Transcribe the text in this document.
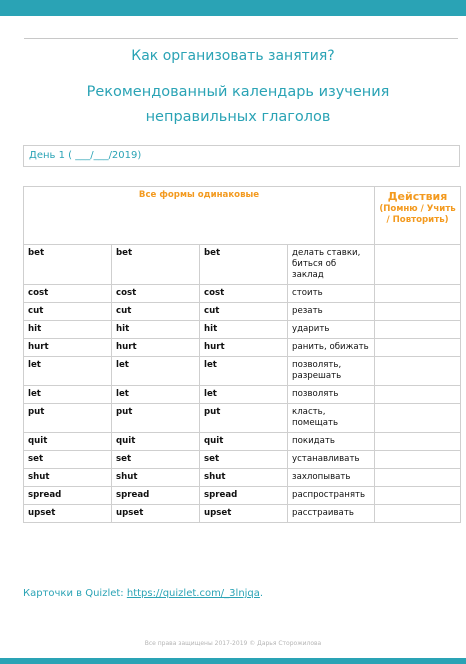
Как организовать занятия?
Рекомендованный календарь изучения неправильных глаголов
День 1 ( ___/___/2019)
Все формы одинаковые				Действия
(Помню / Учить / Повторить)

bet	bet	bet	делать ставки, биться об заклад	
cost	cost	cost	стоить	
cut	cut	cut	резать	
hit	hit	hit	ударить	
hurt	hurt	hurt	ранить, обижать	
let	let	let	позволять, разрешать	
let	let	let	позволять	
put	put	put	класть, помещать	
quit	quit	quit	покидать	
set	set	set	устанавливать	
shut	shut	shut	захлопывать	
spread	spread	spread	распространять	
upset	upset	upset	расстраивать	
Карточки в Quizlet: https://quizlet.com/_3lnjqa.
Все права защищены 2017-2019 © Дарья Сторожилова
